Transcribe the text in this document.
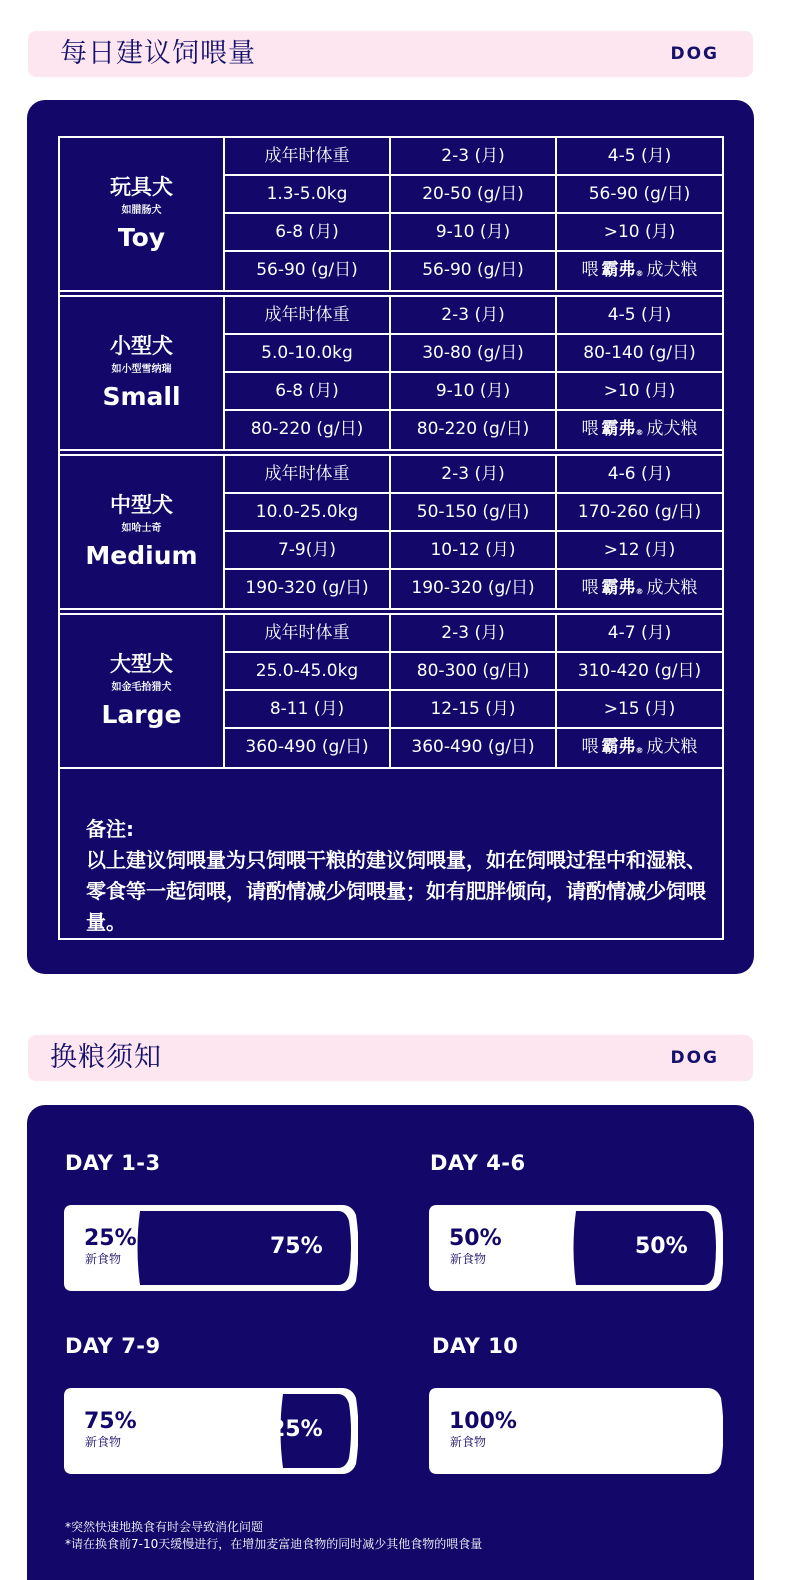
每日建议饲喂量	DOG
备注:
以上建议饲喂量为只饲喂干粮的建议饲喂量，如在饲喂过程中和湿粮、零食等一起饲喂，请酌情减少饲喂量；如有肥胖倾向，请酌情减少饲喂量。
玩具犬
如腊肠犬
Toy
成年时体重	2-3 (月)	4-5 (月)
1.3-5.0kg	20-50 (g/日)	56-90 (g/日)
6-8 (月)	9-10 (月)	>10 (月)
56-90 (g/日)	56-90 (g/日)	喂 霸弗® 成犬粮
小型犬
如小型雪纳瑞
Small
成年时体重	2-3 (月)	4-5 (月)
5.0-10.0kg	30-80 (g/日)	80-140 (g/日)
6-8 (月)	9-10 (月)	>10 (月)
80-220 (g/日)	80-220 (g/日)	喂 霸弗® 成犬粮
中型犬
如哈士奇
Medium
成年时体重	2-3 (月)	4-6 (月)
10.0-25.0kg	50-150 (g/日)	170-260 (g/日)
7-9(月)	10-12 (月)	>12 (月)
190-320 (g/日)	190-320 (g/日)	喂 霸弗® 成犬粮
大型犬
如金毛拾猎犬
Large
成年时体重	2-3 (月)	4-7 (月)
25.0-45.0kg	80-300 (g/日)	310-420 (g/日)
8-11 (月)	12-15 (月)	>15 (月)
360-490 (g/日)	360-490 (g/日)	喂 霸弗® 成犬粮
换粮须知	DOG
*突然快速地换食有时会导致消化问题
*请在换食前7-10天缓慢进行，在增加麦富迪食物的同时减少其他食物的喂食量
DAY 1-3
25%
新食物	75%
DAY 4-6
50%
新食物	50%
DAY 7-9
75%
新食物	25%
DAY 10
100%
新食物
